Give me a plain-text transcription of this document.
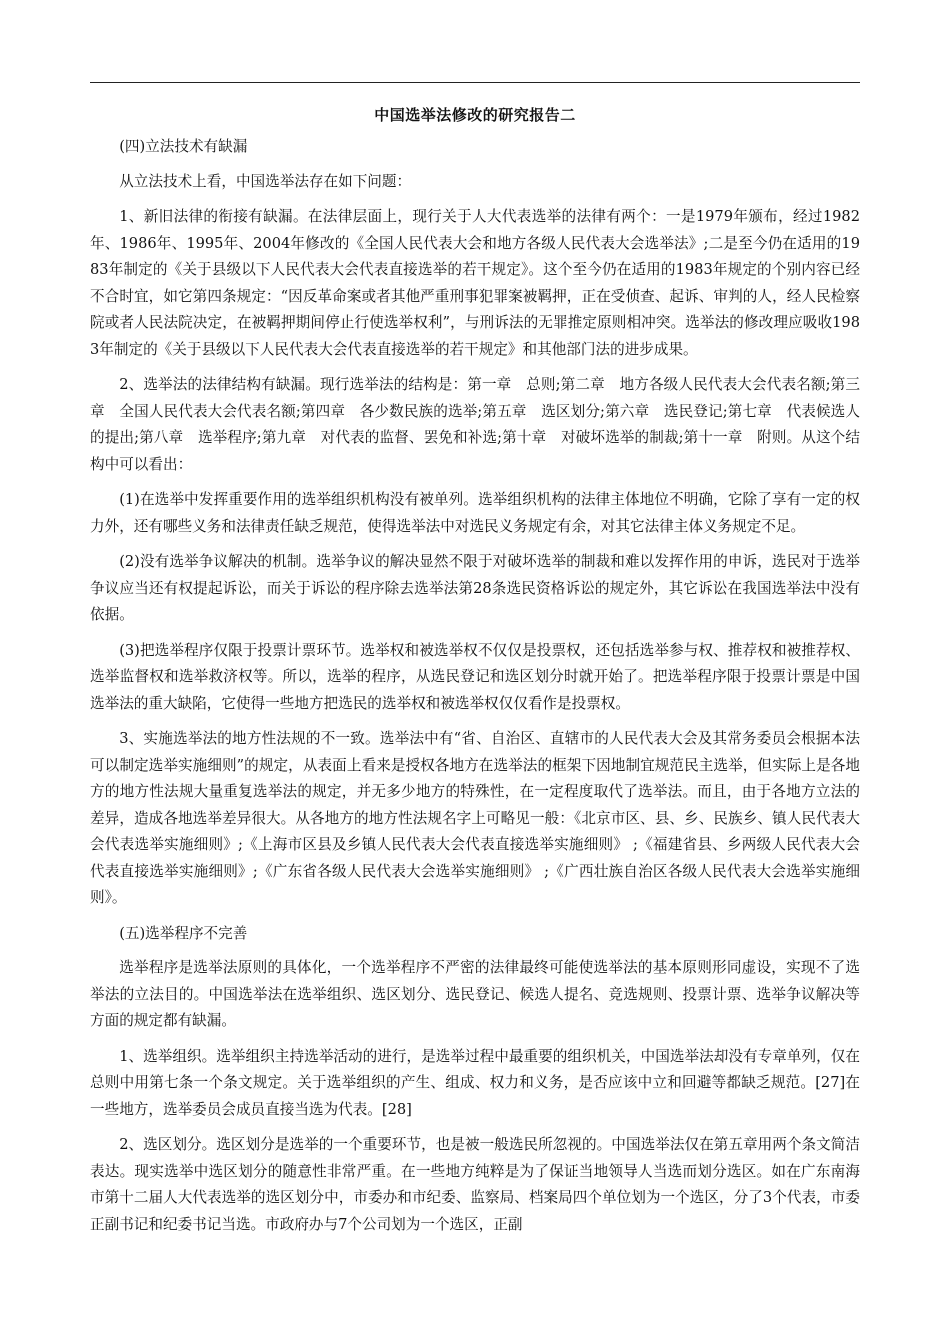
中国选举法修改的研究报告二

(四)立法技术有缺漏

从立法技术上看，中国选举法存在如下问题：

1、新旧法律的衔接有缺漏。在法律层面上，现行关于人大代表选举的法律有两个：一是1979年颁布，经过1982年、1986年、1995年、2004年修改的《全国人民代表大会和地方各级人民代表大会选举法》;二是至今仍在适用的1983年制定的《关于县级以下人民代表大会代表直接选举的若干规定》。这个至今仍在适用的1983年规定的个别内容已经不合时宜，如它第四条规定：“因反革命案或者其他严重刑事犯罪案被羁押，正在受侦查、起诉、审判的人，经人民检察院或者人民法院决定，在被羁押期间停止行使选举权利”，与刑诉法的无罪推定原则相冲突。选举法的修改理应吸收1983年制定的《关于县级以下人民代表大会代表直接选举的若干规定》和其他部门法的进步成果。

2、选举法的法律结构有缺漏。现行选举法的结构是：第一章　总则;第二章　地方各级人民代表大会代表名额;第三章　全国人民代表大会代表名额;第四章　各少数民族的选举;第五章　选区划分;第六章　选民登记;第七章　代表候选人的提出;第八章　选举程序;第九章　对代表的监督、罢免和补选;第十章　对破坏选举的制裁;第十一章　附则。从这个结构中可以看出：

(1)在选举中发挥重要作用的选举组织机构没有被单列。选举组织机构的法律主体地位不明确，它除了享有一定的权力外，还有哪些义务和法律责任缺乏规范，使得选举法中对选民义务规定有余，对其它法律主体义务规定不足。

(2)没有选举争议解决的机制。选举争议的解决显然不限于对破坏选举的制裁和难以发挥作用的申诉，选民对于选举争议应当还有权提起诉讼，而关于诉讼的程序除去选举法第28条选民资格诉讼的规定外，其它诉讼在我国选举法中没有依据。

(3)把选举程序仅限于投票计票环节。选举权和被选举权不仅仅是投票权，还包括选举参与权、推荐权和被推荐权、选举监督权和选举救济权等。所以，选举的程序，从选民登记和选区划分时就开始了。把选举程序限于投票计票是中国选举法的重大缺陷，它使得一些地方把选民的选举权和被选举权仅仅看作是投票权。

3、实施选举法的地方性法规的不一致。选举法中有“省、自治区、直辖市的人民代表大会及其常务委员会根据本法可以制定选举实施细则”的规定，从表面上看来是授权各地方在选举法的框架下因地制宜规范民主选举，但实际上是各地方的地方性法规大量重复选举法的规定，并无多少地方的特殊性，在一定程度取代了选举法。而且，由于各地方立法的差异，造成各地选举差异很大。从各地方的地方性法规名字上可略见一般：《北京市区、县、乡、民族乡、镇人民代表大会代表选举实施细则》;《上海市区县及乡镇人民代表大会代表直接选举实施细则》 ;《福建省县、乡两级人民代表大会代表直接选举实施细则》;《广东省各级人民代表大会选举实施细则》 ;《广西壮族自治区各级人民代表大会选举实施细则》。

(五)选举程序不完善

选举程序是选举法原则的具体化，一个选举程序不严密的法律最终可能使选举法的基本原则形同虚设，实现不了选举法的立法目的。中国选举法在选举组织、选区划分、选民登记、候选人提名、竞选规则、投票计票、选举争议解决等方面的规定都有缺漏。

1、选举组织。选举组织主持选举活动的进行，是选举过程中最重要的组织机关，中国选举法却没有专章单列，仅在总则中用第七条一个条文规定。关于选举组织的产生、组成、权力和义务，是否应该中立和回避等都缺乏规范。[27]在一些地方，选举委员会成员直接当选为代表。[28]

2、选区划分。选区划分是选举的一个重要环节，也是被一般选民所忽视的。中国选举法仅在第五章用两个条文简洁表达。现实选举中选区划分的随意性非常严重。在一些地方纯粹是为了保证当地领导人当选而划分选区。如在广东南海市第十二届人大代表选举的选区划分中，市委办和市纪委、监察局、档案局四个单位划为一个选区，分了3个代表，市委正副书记和纪委书记当选。市政府办与7个公司划为一个选区，正副
